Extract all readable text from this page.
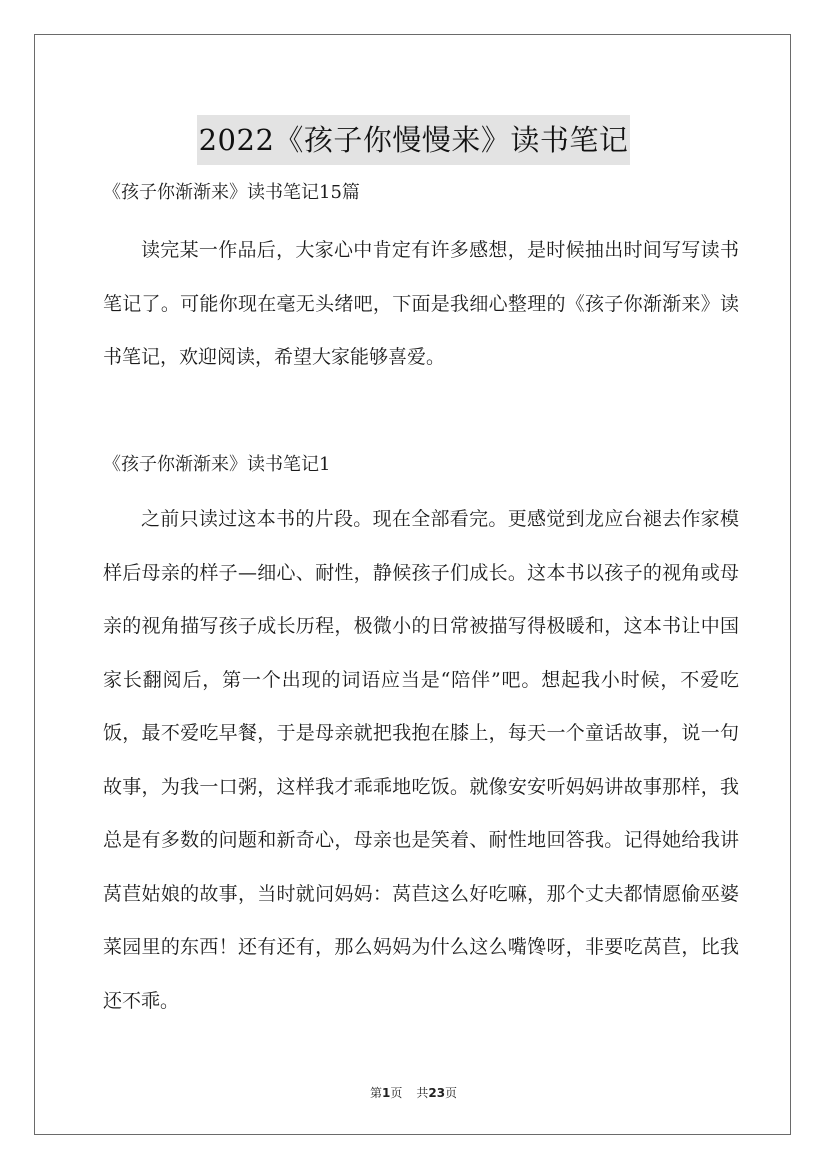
2022《孩子你慢慢来》读书笔记
《孩子你渐渐来》读书笔记15篇

读完某一作品后，大家心中肯定有许多感想，是时候抽出时间写写读书笔记了。可能你现在毫无头绪吧，下面是我细心整理的《孩子你渐渐来》读书笔记，欢迎阅读，希望大家能够喜爱。

《孩子你渐渐来》读书笔记1

之前只读过这本书的片段。现在全部看完。更感觉到龙应台褪去作家模样后母亲的样子—细心、耐性，静候孩子们成长。这本书以孩子的视角或母亲的视角描写孩子成长历程，极微小的日常被描写得极暖和，这本书让中国家长翻阅后，第一个出现的词语应当是“陪伴”吧。想起我小时候，不爱吃饭，最不爱吃早餐，于是母亲就把我抱在膝上，每天一个童话故事，说一句故事，为我一口粥，这样我才乖乖地吃饭。就像安安听妈妈讲故事那样，我总是有多数的问题和新奇心，母亲也是笑着、耐性地回答我。记得她给我讲莴苣姑娘的故事，当时就问妈妈：莴苣这么好吃嘛，那个丈夫都情愿偷巫婆菜园里的东西！还有还有，那么妈妈为什么这么嘴馋呀，非要吃莴苣，比我还不乖。

第1页 共23页
